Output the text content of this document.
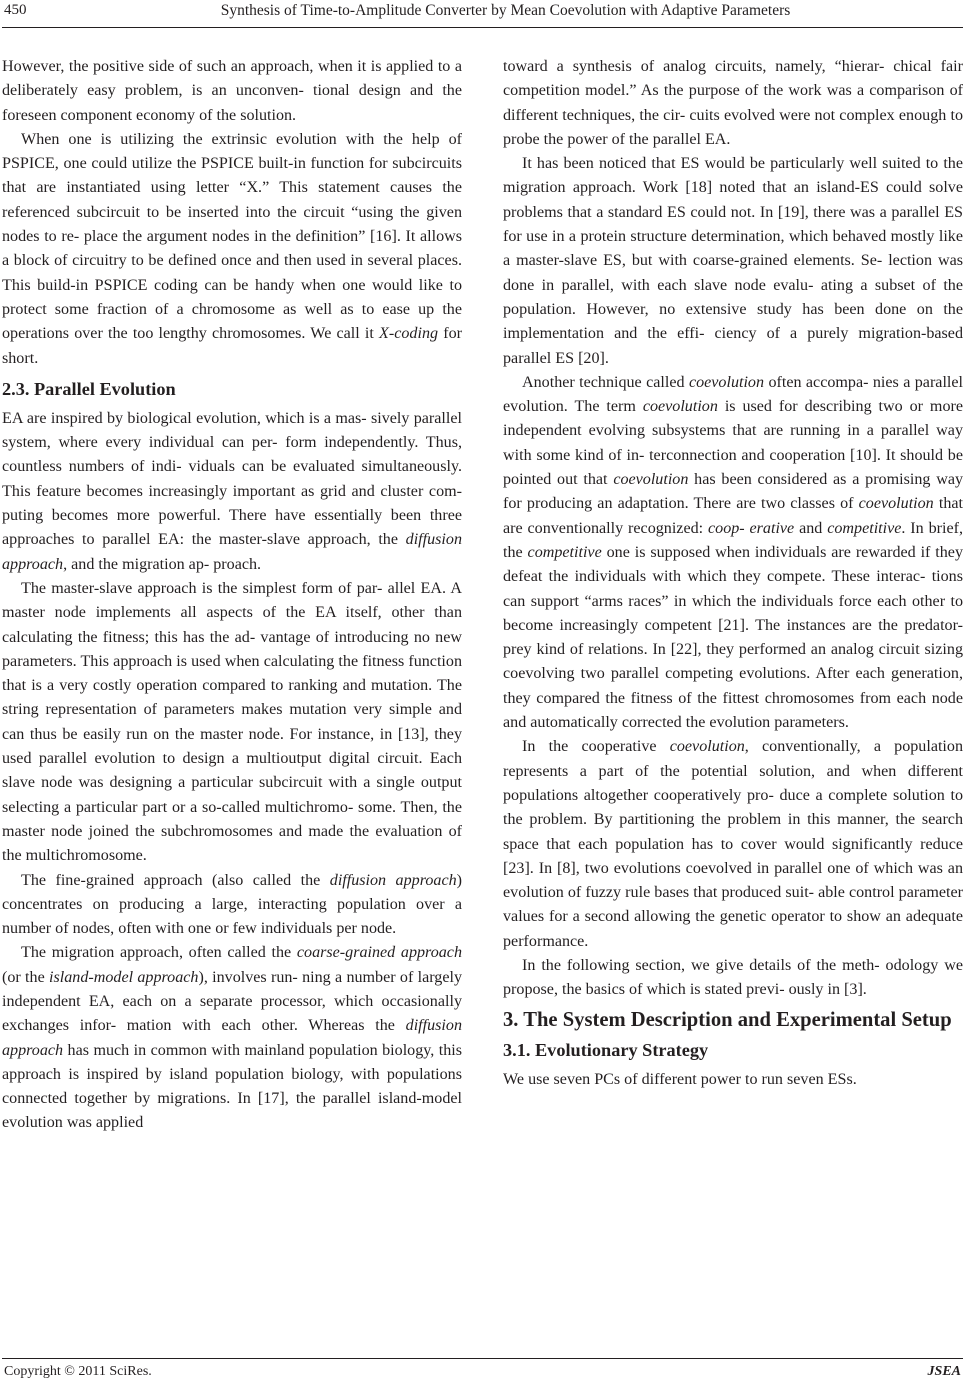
450	Synthesis of Time-to-Amplitude Converter by Mean Coevolution with Adaptive Parameters

However, the positive side of such an approach, when it is applied to a deliberately easy problem, is an unconven- tional design and the foreseen component economy of the solution.

When one is utilizing the extrinsic evolution with the help of PSPICE, one could utilize the PSPICE built-in function for subcircuits that are instantiated using letter “X.” This statement causes the referenced subcircuit to be inserted into the circuit “using the given nodes to re- place the argument nodes in the definition” [16]. It allows a block of circuitry to be defined once and then used in several places. This build-in PSPICE coding can be handy when one would like to protect some fraction of a chromosome as well as to ease up the operations over the too lengthy chromosomes. We call it X-coding for short.

2.3. Parallel Evolution

EA are inspired by biological evolution, which is a mas- sively parallel system, where every individual can per- form independently. Thus, countless numbers of indi- viduals can be evaluated simultaneously. This feature becomes increasingly important as grid and cluster com- puting becomes more powerful. There have essentially been three approaches to parallel EA: the master-slave approach, the diffusion approach, and the migration ap- proach.

The master-slave approach is the simplest form of par- allel EA. A master node implements all aspects of the EA itself, other than calculating the fitness; this has the ad- vantage of introducing no new parameters. This approach is used when calculating the fitness function that is a very costly operation compared to ranking and mutation. The string representation of parameters makes mutation very simple and can thus be easily run on the master node. For instance, in [13], they used parallel evolution to design a multioutput digital circuit. Each slave node was designing a particular subcircuit with a single output selecting a particular part or a so-called multichromo- some. Then, the master node joined the subchromosomes and made the evaluation of the multichromosome.

The fine-grained approach (also called the diffusion approach) concentrates on producing a large, interacting population over a number of nodes, often with one or few individuals per node.

The migration approach, often called the coarse-grained approach (or the island-model approach), involves run- ning a number of largely independent EA, each on a separate processor, which occasionally exchanges infor- mation with each other. Whereas the diffusion approach has much in common with mainland population biology, this approach is inspired by island population biology, with populations connected together by migrations. In [17], the parallel island-model evolution was applied

toward a synthesis of analog circuits, namely, “hierar- chical fair competition model.” As the purpose of the work was a comparison of different techniques, the cir- cuits evolved were not complex enough to probe the power of the parallel EA.

It has been noticed that ES would be particularly well suited to the migration approach. Work [18] noted that an island-ES could solve problems that a standard ES could not. In [19], there was a parallel ES for use in a protein structure determination, which behaved mostly like a master-slave ES, but with coarse-grained elements. Se- lection was done in parallel, with each slave node evalu- ating a subset of the population. However, no extensive study has been done on the implementation and the effi- ciency of a purely migration-based parallel ES [20].

Another technique called coevolution often accompa- nies a parallel evolution. The term coevolution is used for describing two or more independent evolving subsystems that are running in a parallel way with some kind of in- terconnection and cooperation [10]. It should be pointed out that coevolution has been considered as a promising way for producing an adaptation. There are two classes of coevolution that are conventionally recognized: coop- erative and competitive. In brief, the competitive one is supposed when individuals are rewarded if they defeat the individuals with which they compete. These interac- tions can support “arms races” in which the individuals force each other to become increasingly competent [21]. The instances are the predator-prey kind of relations. In [22], they performed an analog circuit sizing coevolving two parallel competing evolutions. After each generation, they compared the fitness of the fittest chromosomes from each node and automatically corrected the evolution parameters.

In the cooperative coevolution, conventionally, a population represents a part of the potential solution, and when different populations altogether cooperatively pro- duce a complete solution to the problem. By partitioning the problem in this manner, the search space that each population has to cover would significantly reduce [23]. In [8], two evolutions coevolved in parallel one of which was an evolution of fuzzy rule bases that produced suit- able control parameter values for a second allowing the genetic operator to show an adequate performance.

In the following section, we give details of the meth- odology we propose, the basics of which is stated previ- ously in [3].

3. The System Description and Experimental Setup
3.1. Evolutionary Strategy

We use seven PCs of different power to run seven ESs.

Copyright © 2011 SciRes.	JSEA
